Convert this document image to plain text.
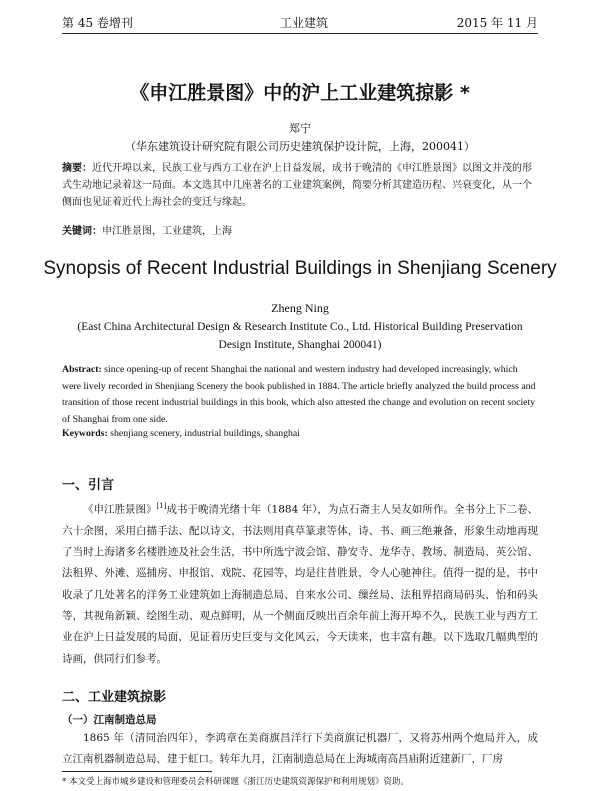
第 45 卷增刊	工业建筑	2015 年 11 月
《申江胜景图》中的沪上工业建筑掠影 *
郑宁
（华东建筑设计研究院有限公司历史建筑保护设计院，上海，200041）
摘要：近代开埠以来，民族工业与西方工业在沪上日益发展，成书于晚清的《申江胜景图》以图文并茂的形式生动地记录着这一局面。本文选其中几座著名的工业建筑案例，简要分析其建造历程、兴衰变化，从一个侧面也见证着近代上海社会的变迁与缘起。
关键词：申江胜景图，工业建筑，上海
Synopsis of Recent Industrial Buildings in Shenjiang Scenery
Zheng Ning
(East China Architectural Design & Research Institute Co., Ltd. Historical Building Preservation Design Institute, Shanghai 200041)
Abstract: since opening-up of recent Shanghai the national and western industry had developed increasingly, which were lively recorded in Shenjiang Scenery the book published in 1884. The article briefly analyzed the build process and transition of those recent industrial buildings in this book, which also attested the change and evolution on recent society of Shanghai from one side.
Keywords: shenjiang scenery, industrial buildings, shanghai
一、引言
《申江胜景图》[1]成书于晚清光绪十年（1884 年），为点石斋主人吴友如所作。全书分上下二卷、六十余图，采用白描手法、配以诗文，书法则用真草篆隶等体，诗、书、画三绝兼备，形象生动地再现了当时上海诸多名楼胜迹及社会生活，书中所选宁波会馆、静安寺、龙华寺、教场、制造局、英公馆、法租界、外滩、巡捕房、申报馆、戏院、花园等，均是往昔胜景，令人心驰神往。值得一提的是，书中收录了几处著名的洋务工业建筑如上海制造总局、自来水公司、缫丝局、法租界招商局码头、怡和码头等，其视角新颖、绘图生动、观点鲜明，从一个侧面反映出百余年前上海开埠不久，民族工业与西方工业在沪上日益发展的局面，见证着历史巨变与文化风云，今天读来，也丰富有趣。以下选取几幅典型的诗画，供同行们参考。
二、工业建筑掠影
（一）江南制造总局
1865 年（清同治四年），李鸿章在美商旗昌洋行下美商旗记机器厂，又将苏州两个炮局并入，成立江南机器制造总局，建于虹口。转年九月，江南制造总局在上海城南高昌庙附近建新厂，厂房
* 本文受上海市城乡建设和管理委员会科研课题《浙江历史建筑资源保护和利用规划》资助。
